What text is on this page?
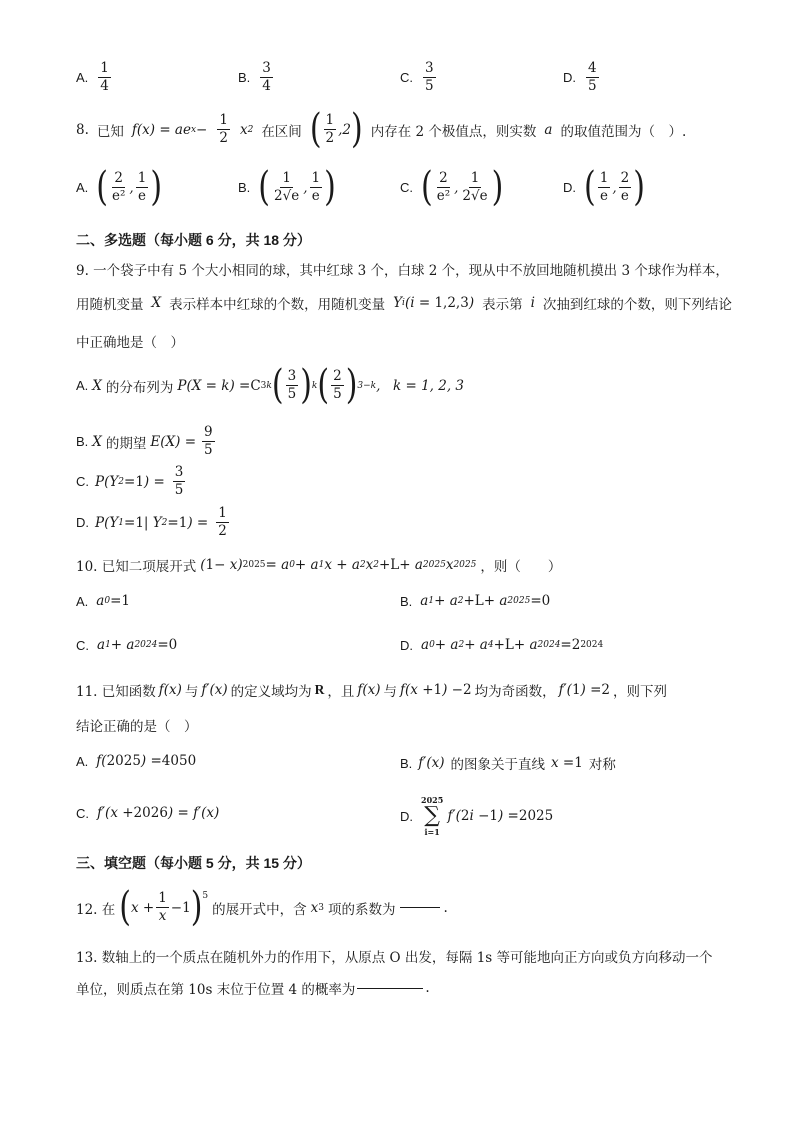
A. $\frac{1}{4}$	B. $\frac{3}{4}$	C. $\frac{3}{5}$	D. $\frac{4}{5}$
8. 已知 f(x) = ae $x - \frac{1}{2}$ x 2 在区间 ( $\frac{1}{2} ,2$ ) 内存在 2 个极值点，则实数 a 的取值范围为（　）.
A. ( $\frac{2}{\text{e²}}$ , $\frac{1}{e}$ )	B. ( $\frac{1}{2√e}$ , $\frac{1}{e}$ )	C. ( $\frac{2}{\text{e²}}$ , $\frac{1}{2√e}$ )	D. ( $\frac{1}{e}$ , $\frac{2}{e}$ )
二、多选题（每小题 6 分，共 18 分）
9. 一个袋子中有 5 个大小相同的球，其中红球 3 个，白球 2 个，现从中不放回地随机摸出 3 个球作为样本，
用随机变量 X 表示样本中红球的个数，用随机变量 Y i ( i = 1,2,3 ) 表示第 i 次抽到红球的个数，则下列结论
中正确地是（　）
A. X 的分布列为 P(X = k) = C 3 k ( $\frac{3}{5}$ ) k ( $\frac{2}{5}$ ) 3−k , k = 1, 2, 3
B. X 的期望 $E(X) = \frac{9}{5}$
C. P(Y 2 = 1 ) = $\frac{3}{5}$
D. P(Y 1 = 1 | Y 2 = 1 ) = $\frac{1}{2}$
10. 已知二项展开式 ( 1 − x) 2025 = a 0 + a 1 x + a 2 x 2 + L + a 2025 x 2025 ，则（　　）
A. a 0 = 1	B. a 1 + a 2 + L + a 2025 = 0
C. a 1 + a 2024 = 0	D. a 0 + a 2 + a 4 + L + a 2024 = 2 2024
11. 已知函数 f(x) 与 f′(x) 的定义域均为 R ，且 f(x) 与 f(x + 1 ) − 2 均为奇函数， f′( 1 ) = 2 ，则下列
结论正确的是（　）
A. f( 2025 ) = 4050	B. f′(x) 的图象关于直线 x = 1 对称
C. f′(x + 2026 ) = f′(x)	D.
2025
∑
i=1
f′( 2 i − 1 ) = 2025
三、填空题（每小题 5 分，共 15 分）
12. 在 ( $x + \frac{1}{x} - 1$ )$^5$
的展开式中，含 x 3 项的系数为	.
13. 数轴上的一个质点在随机外力的作用下，从原点 O 出发，每隔 1s 等可能地向正方向或负方向移动一个
单位，则质点在第 10s 末位于位置 4 的概率为	.
